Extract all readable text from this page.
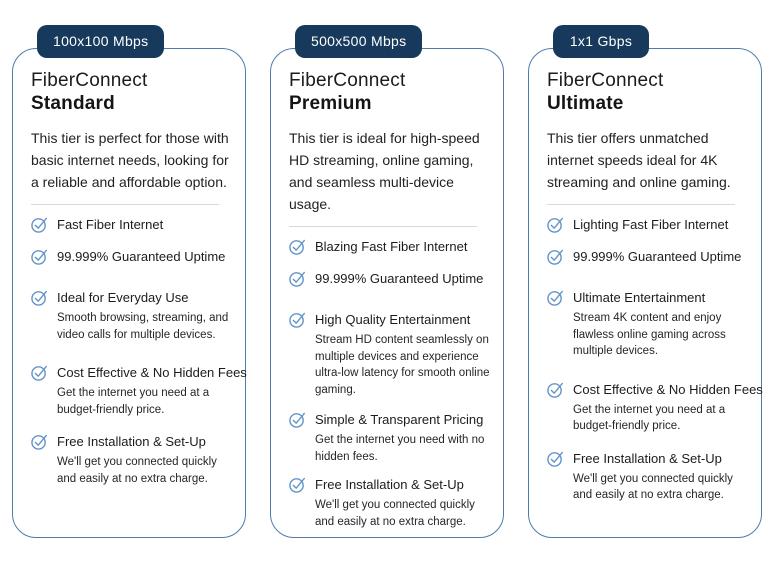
100x100 Mbps
FiberConnect
Standard

This tier is perfect for those with basic internet needs, looking for a reliable and affordable option.

Fast Fiber Internet
99.999% Guaranteed Uptime
Ideal for Everyday Use
Smooth browsing, streaming, and video calls for multiple devices.
Cost Effective & No Hidden Fees
Get the internet you need at a budget-friendly price.
Free Installation & Set-Up
We'll get you connected quickly and easily at no extra charge.
500x500 Mbps
FiberConnect
Premium

This tier is ideal for high-speed HD streaming, online gaming, and seamless multi-device usage.

Blazing Fast Fiber Internet
99.999% Guaranteed Uptime
High Quality Entertainment
Stream HD content seamlessly on multiple devices and experience ultra-low latency for smooth online gaming.
Simple & Transparent Pricing
Get the internet you need with no hidden fees.
Free Installation & Set-Up
We'll get you connected quickly and easily at no extra charge.
1x1 Gbps
FiberConnect
Ultimate

This tier offers unmatched internet speeds ideal for 4K streaming and online gaming.

Lighting Fast Fiber Internet
99.999% Guaranteed Uptime
Ultimate Entertainment
Stream 4K content and enjoy flawless online gaming across multiple devices.
Cost Effective & No Hidden Fees
Get the internet you need at a budget-friendly price.
Free Installation & Set-Up
We'll get you connected quickly and easily at no extra charge.
